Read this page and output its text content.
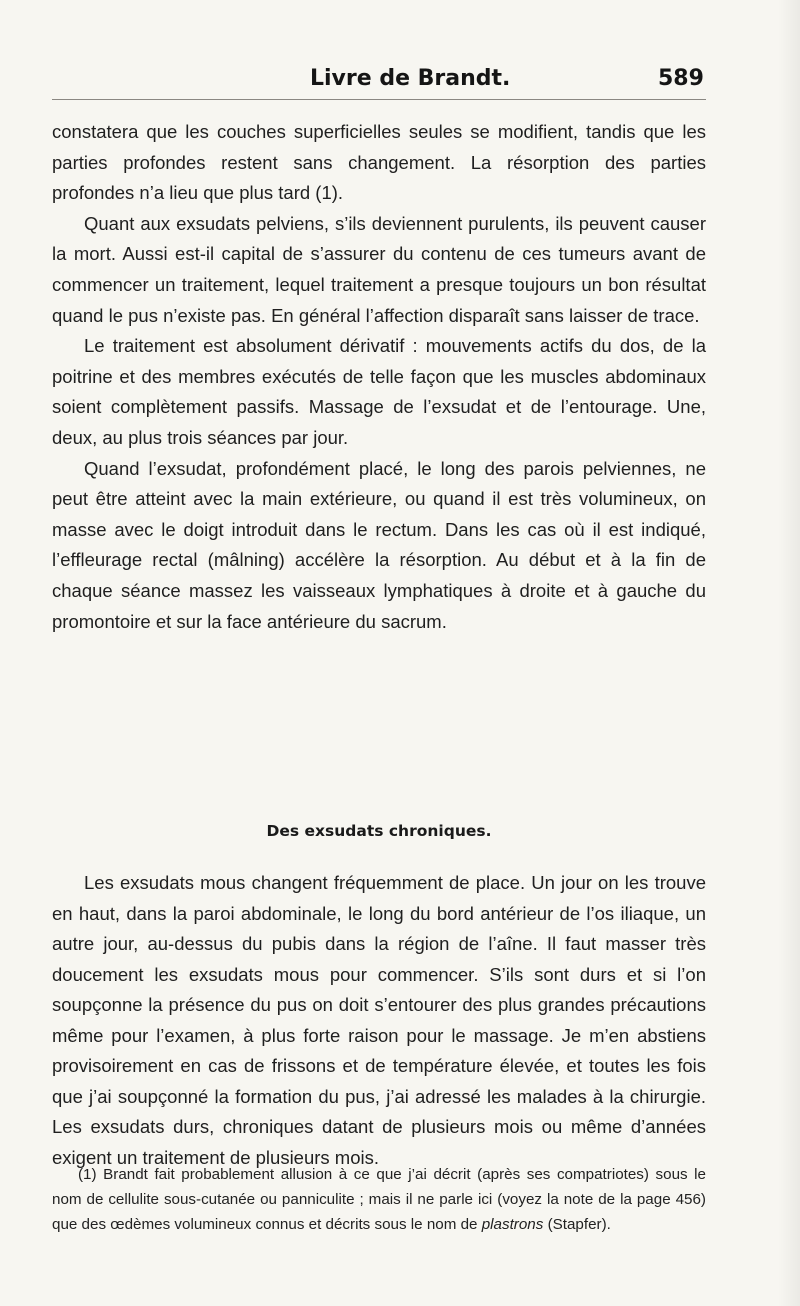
Livre de Brandt.	589

constatera que les couches superficielles seules se modifient, tandis que les parties profondes restent sans changement. La résorption des parties profondes n’a lieu que plus tard (1).

Quant aux exsudats pelviens, s’ils deviennent purulents, ils peuvent causer la mort. Aussi est-il capital de s’assurer du contenu de ces tumeurs avant de commencer un traitement, lequel traitement a presque toujours un bon résultat quand le pus n’existe pas. En général l’affection disparaît sans laisser de trace.

Le traitement est absolument dérivatif : mouvements actifs du dos, de la poitrine et des membres exécutés de telle façon que les muscles abdominaux soient complètement passifs. Massage de l’exsudat et de l’entourage. Une, deux, au plus trois séances par jour.

Quand l’exsudat, profondément placé, le long des parois pelviennes, ne peut être atteint avec la main extérieure, ou quand il est très volumineux, on masse avec le doigt introduit dans le rectum. Dans les cas où il est indiqué, l’effleurage rectal (mâlning) accélère la résorption. Au début et à la fin de chaque séance massez les vaisseaux lymphatiques à droite et à gauche du promontoire et sur la face antérieure du sacrum.

Des exsudats chroniques.

Les exsudats mous changent fréquemment de place. Un jour on les trouve en haut, dans la paroi abdominale, le long du bord antérieur de l’os iliaque, un autre jour, au-dessus du pubis dans la région de l’aîne. Il faut masser très doucement les exsudats mous pour commencer. S’ils sont durs et si l’on soupçonne la présence du pus on doit s’entourer des plus grandes précautions même pour l’examen, à plus forte raison pour le massage. Je m’en abstiens provisoirement en cas de frissons et de température élevée, et toutes les fois que j’ai soupçonné la formation du pus, j’ai adressé les malades à la chirurgie. Les exsudats durs, chroniques datant de plusieurs mois ou même d’années exigent un traitement de plusieurs mois.

(1) Brandt fait probablement allusion à ce que j’ai décrit (après ses compatriotes) sous le nom de cellulite sous-cutanée ou panniculite ; mais il ne parle ici (voyez la note de la page 456) que des œdèmes volumineux connus et décrits sous le nom de plastrons (Stapfer).
